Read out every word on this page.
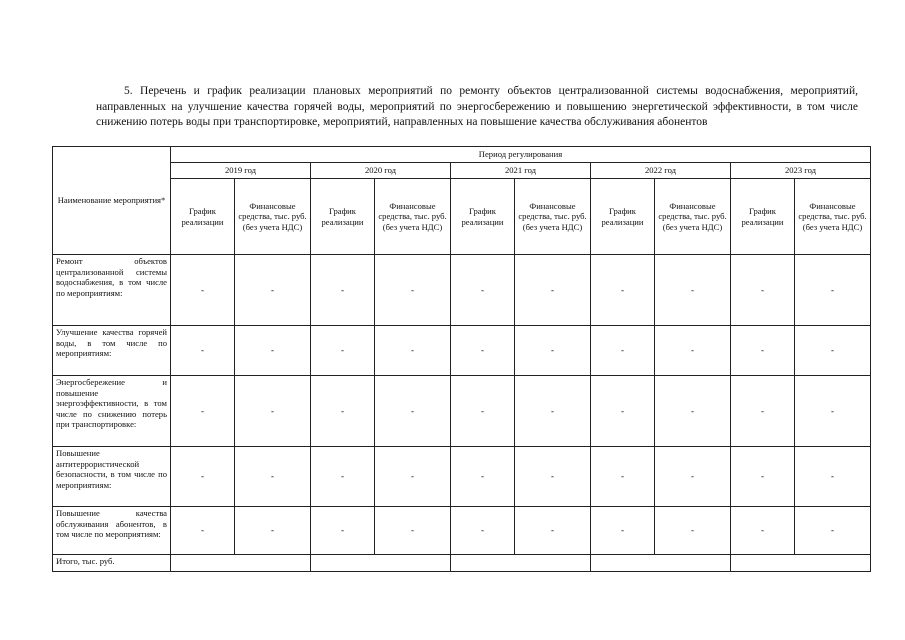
5. Перечень и график реализации плановых мероприятий по ремонту объектов централизованной системы водоснабжения, мероприятий, направленных на улучшение качества горячей воды, мероприятий по энергосбережению и повышению энергетической эффективности, в том числе снижению потерь воды при транспортировке, мероприятий, направленных на повышение качества обслуживания абонентов
Наименование мероприятия*	Период регулирования									
	2019 год		2020 год		2021 год		2022 год		2023 год	
	График реализации	Финансовые средства, тыс. руб. (без учета НДС)	График реализации	Финансовые средства, тыс. руб. (без учета НДС)	График реализации	Финансовые средства, тыс. руб. (без учета НДС)	График реализации	Финансовые средства, тыс. руб. (без учета НДС)	График реализации	Финансовые средства, тыс. руб. (без учета НДС)
Ремонт объектов централизованной системы водоснабжения, в том числе по мероприятиям:	-	-	-	-	-	-	-	-	-	-
Улучшение качества горячей воды, в том числе по мероприятиям:	-	-	-	-	-	-	-	-	-	-
Энергосбережение и повышение энергоэффективности, в том числе по снижению потерь при транспортировке:	-	-	-	-	-	-	-	-	-	-
Повышение антитеррористической безопасности, в том числе по мероприятиям:	-	-	-	-	-	-	-	-	-	-
Повышение качества обслуживания абонентов, в том числе по мероприятиям:	-	-	-	-	-	-	-	-	-	-
Итого, тыс. руб.										
